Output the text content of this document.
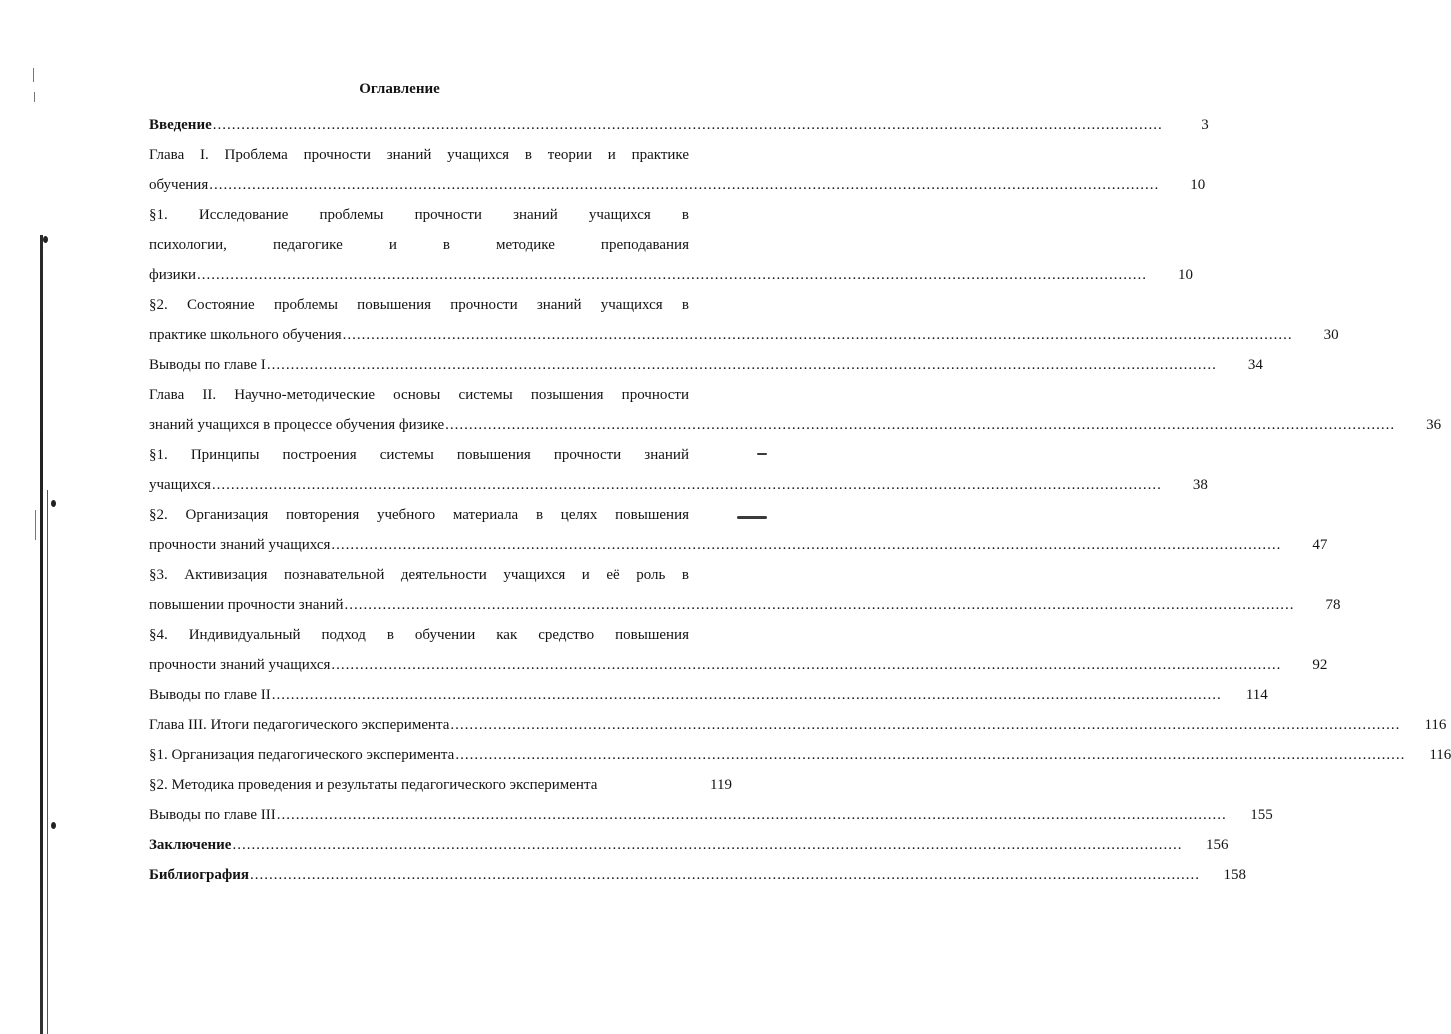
Оглавление
Введение ........................................................................................................................................................................................................	3
Глава I. Проблема прочности знаний учащихся в теории и практике
обучения ........................................................................................................................................................................................................	10
§1. Исследование проблемы прочности знаний учащихся в
психологии, педагогике и в методике преподавания
физики ........................................................................................................................................................................................................	10
§2. Состояние проблемы повышения прочности знаний учащихся в
практике школьного обучения ........................................................................................................................................................................................................	30
Выводы по главе I ........................................................................................................................................................................................................	34
Глава II. Научно-методические основы системы позышения прочности
знаний учащихся в процессе обучения физике ........................................................................................................................................................................................................	36
§1. Принципы построения системы повышения прочности знаний
учащихся ........................................................................................................................................................................................................	38
§2. Организация повторения учебного материала в целях повышения
прочности знаний учащихся ........................................................................................................................................................................................................	47
§3. Активизация познавательной деятельности учащихся и её роль в
повышении прочности знаний ........................................................................................................................................................................................................	78
§4. Индивидуальный подход в обучении как средство повышения
прочности знаний учащихся ........................................................................................................................................................................................................	92
Выводы по главе II ........................................................................................................................................................................................................	114
Глава III. Итоги педагогического эксперимента ........................................................................................................................................................................................................	116
§1. Организация педагогического эксперимента ........................................................................................................................................................................................................	116
§2. Методика проведения и результаты педагогического эксперимента	119
Выводы по главе III ........................................................................................................................................................................................................	155
Заключение ........................................................................................................................................................................................................	156
Библиография ........................................................................................................................................................................................................	158
